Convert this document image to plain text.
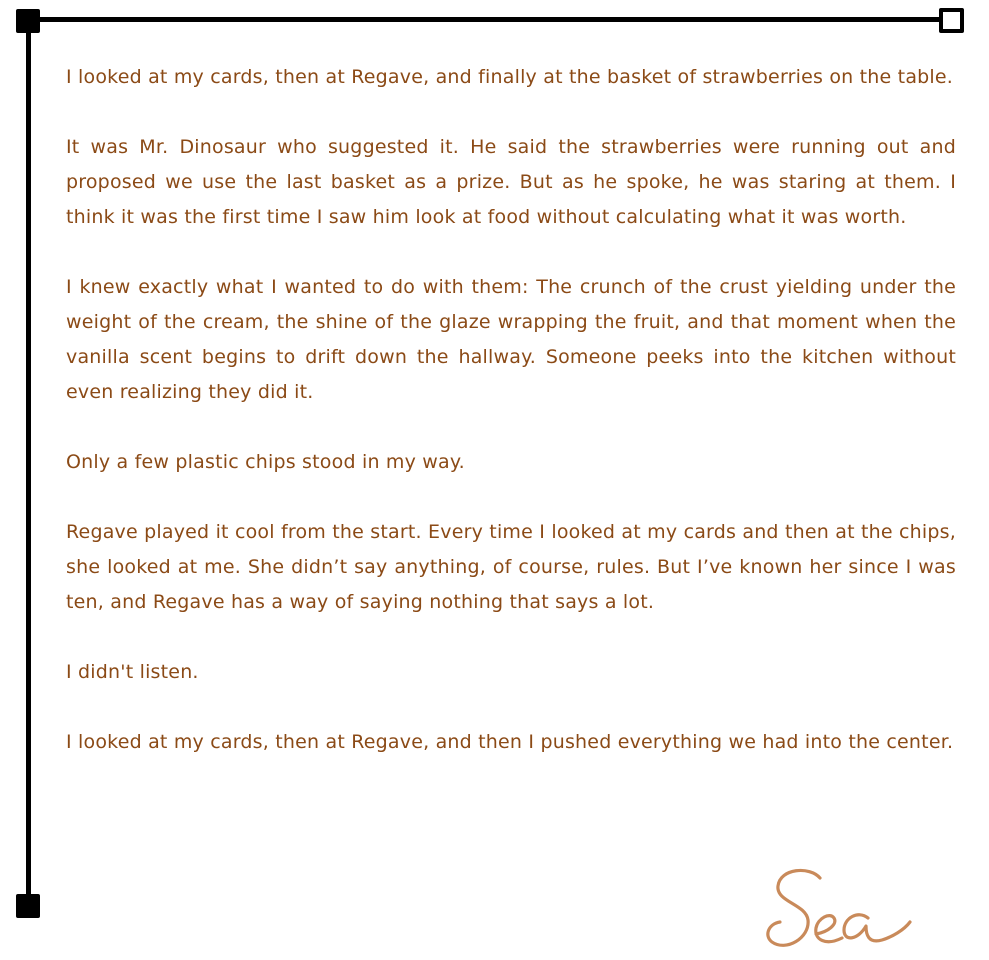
I looked at my cards, then at Regave, and finally at the basket of strawberries on the table.

It was Mr. Dinosaur who suggested it. He said the strawberries were running out and proposed we use the last basket as a prize. But as he spoke, he was staring at them. I think it was the first time I saw him look at food without calculating what it was worth.

I knew exactly what I wanted to do with them: The crunch of the crust yielding under the weight of the cream, the shine of the glaze wrapping the fruit, and that moment when the vanilla scent begins to drift down the hallway. Someone peeks into the kitchen without even realizing they did it.

Only a few plastic chips stood in my way.

Regave played it cool from the start. Every time I looked at my cards and then at the chips, she looked at me. She didn’t say anything, of course, rules. But I’ve known her since I was ten, and Regave has a way of saying nothing that says a lot.

I didn't listen.

I looked at my cards, then at Regave, and then I pushed everything we had into the center.
